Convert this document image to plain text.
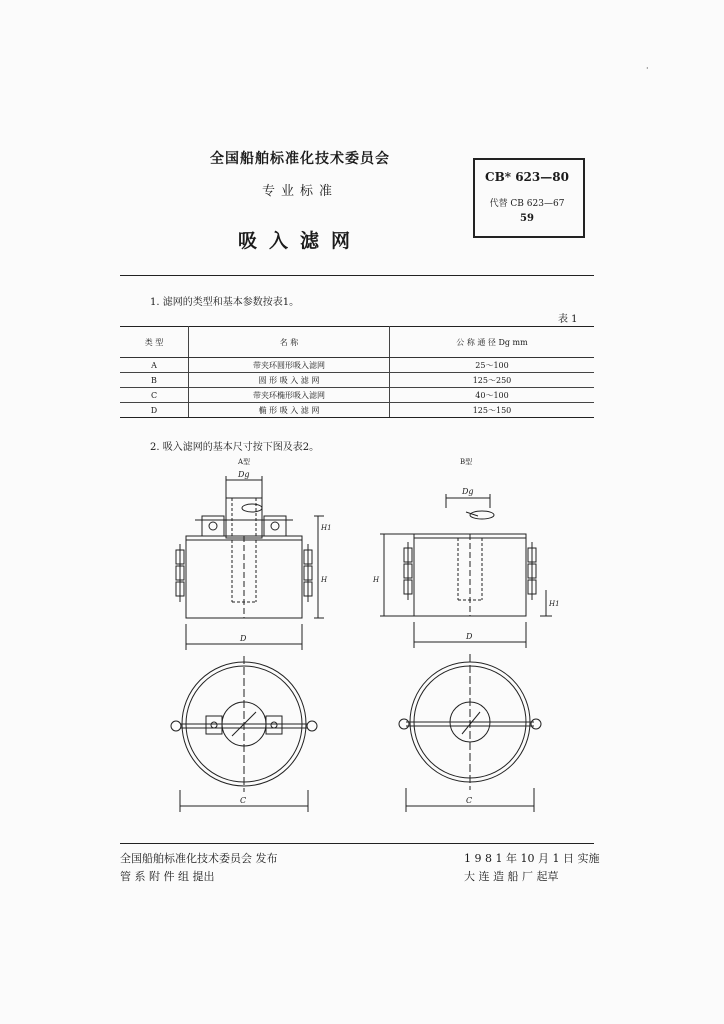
·
全国船舶标准化技术委员会
专业标准
吸入滤网
CB* 623—80
代替 CB 623—67
59
1. 滤网的类型和基本参数按表1。
表 1
类 型	名 称	公 称 通 径 Dg mm
A	带夹环圆形吸入滤网	25～100
B	圆 形 吸 入 滤 网	125～250
C	带夹环椭形吸入滤网	40～100
D	椭 形 吸 入 滤 网	125～150
2. 吸入滤网的基本尺寸按下图及表2。
A型	B型
Dg
H1
H
D
Dg
H
H1
D
C	C
全国船舶标准化技术委员会 发布
管 系 附 件 组 提出
1 9 8 1 年 10 月 1 日 实施
大 连 造 船 厂 起草
